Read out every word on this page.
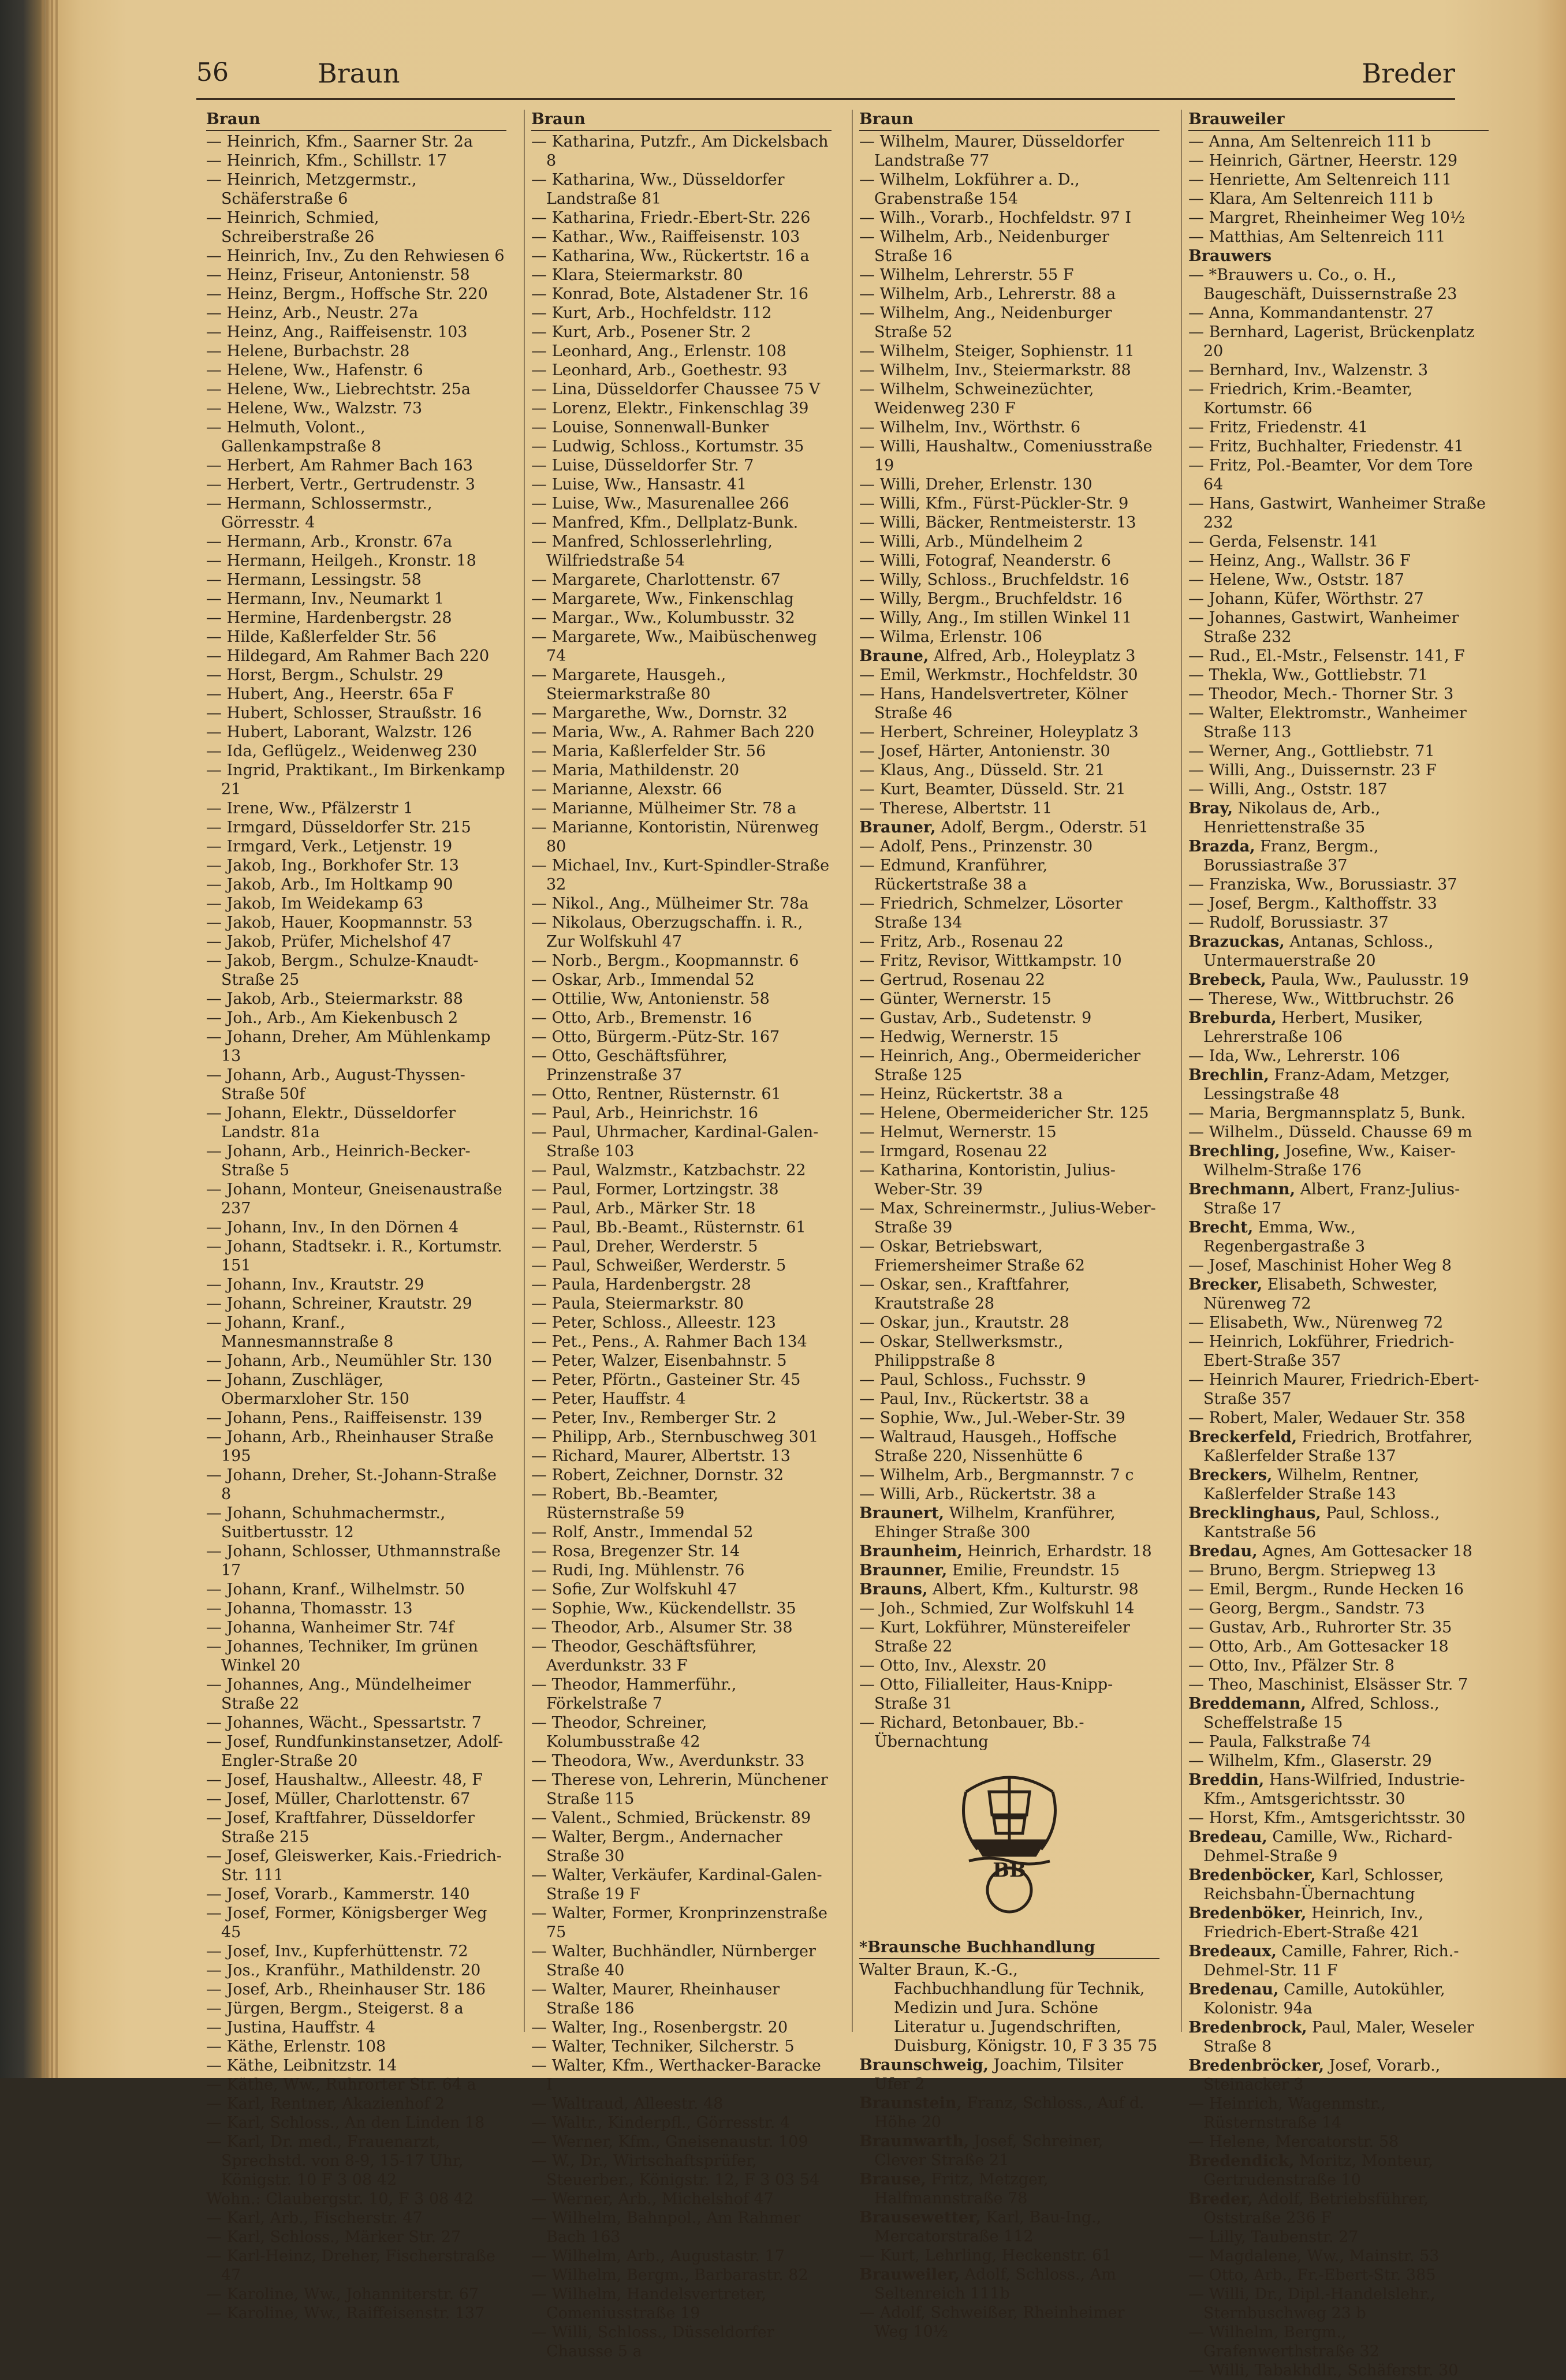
56	Braun	Breder

Braun

— Heinrich, Kfm., Saarner Str. 2a

— Heinrich, Kfm., Schillstr. 17

— Heinrich, Metzgermstr., Schäferstraße 6

— Heinrich, Schmied, Schreiberstraße 26

— Heinrich, Inv., Zu den Rehwiesen 6

— Heinz, Friseur, Antonienstr. 58

— Heinz, Bergm., Hoffsche Str. 220

— Heinz, Arb., Neustr. 27a

— Heinz, Ang., Raiffeisenstr. 103

— Helene, Burbachstr. 28

— Helene, Ww., Hafenstr. 6

— Helene, Ww., Liebrechtstr. 25a

— Helene, Ww., Walzstr. 73

— Helmuth, Volont., Gallenkampstraße 8

— Herbert, Am Rahmer Bach 163

— Herbert, Vertr., Gertrudenstr. 3

— Hermann, Schlossermstr., Görresstr. 4

— Hermann, Arb., Kronstr. 67a

— Hermann, Heilgeh., Kronstr. 18

— Hermann, Lessingstr. 58

— Hermann, Inv., Neumarkt 1

— Hermine, Hardenbergstr. 28

— Hilde, Kaßlerfelder Str. 56

— Hildegard, Am Rahmer Bach 220

— Horst, Bergm., Schulstr. 29

— Hubert, Ang., Heerstr. 65a F

— Hubert, Schlosser, Straußstr. 16

— Hubert, Laborant, Walzstr. 126

— Ida, Geflügelz., Weidenweg 230

— Ingrid, Praktikant., Im Birkenkamp 21

— Irene, Ww., Pfälzerstr 1

— Irmgard, Düsseldorfer Str. 215

— Irmgard, Verk., Letjenstr. 19

— Jakob, Ing., Borkhofer Str. 13

— Jakob, Arb., Im Holtkamp 90

— Jakob, Im Weidekamp 63

— Jakob, Hauer, Koopmannstr. 53

— Jakob, Prüfer, Michelshof 47

— Jakob, Bergm., Schulze-Knaudt-Straße 25

— Jakob, Arb., Steiermarkstr. 88

— Joh., Arb., Am Kiekenbusch 2

— Johann, Dreher, Am Mühlenkamp 13

— Johann, Arb., August-Thyssen-Straße 50f

— Johann, Elektr., Düsseldorfer Landstr. 81a

— Johann, Arb., Heinrich-Becker-Straße 5

— Johann, Monteur, Gneisenaustraße 237

— Johann, Inv., In den Dörnen 4

— Johann, Stadtsekr. i. R., Kortumstr. 151

— Johann, Inv., Krautstr. 29

— Johann, Schreiner, Krautstr. 29

— Johann, Kranf., Mannesmannstraße 8

— Johann, Arb., Neumühler Str. 130

— Johann, Zuschläger, Obermarxloher Str. 150

— Johann, Pens., Raiffeisenstr. 139

— Johann, Arb., Rheinhauser Straße 195

— Johann, Dreher, St.-Johann-Straße 8

— Johann, Schuhmachermstr., Suitbertusstr. 12

— Johann, Schlosser, Uthmannstraße 17

— Johann, Kranf., Wilhelmstr. 50

— Johanna, Thomasstr. 13

— Johanna, Wanheimer Str. 74f

— Johannes, Techniker, Im grünen Winkel 20

— Johannes, Ang., Mündelheimer Straße 22

— Johannes, Wächt., Spessartstr. 7

— Josef, Rundfunkinstansetzer, Adolf-Engler-Straße 20

— Josef, Haushaltw., Alleestr. 48, F

— Josef, Müller, Charlottenstr. 67

— Josef, Kraftfahrer, Düsseldorfer Straße 215

— Josef, Gleiswerker, Kais.-Friedrich-Str. 111

— Josef, Vorarb., Kammerstr. 140

— Josef, Former, Königsberger Weg 45

— Josef, Inv., Kupferhüttenstr. 72

— Jos., Kranführ., Mathildenstr. 20

— Josef, Arb., Rheinhauser Str. 186

— Jürgen, Bergm., Steigerst. 8 a

— Justina, Hauffstr. 4

— Käthe, Erlenstr. 108

— Käthe, Leibnitzstr. 14

— Käthe, Ww., Ruhrorter Str. 64 a

— Karl, Rentner, Akazienhof 2

— Karl, Schloss., An den Linden 18

— Karl, Dr. med., Frauenarzt, Sprechstd. von 8-9, 15-17 Uhr, Königstr. 10 F 3 08 42

Wohn.: Claubergstr. 10, F 3 08 42

— Karl, Arb., Fischerstr. 47

— Karl, Schloss., Märker Str. 27

— Karl-Heinz, Dreher, Fischerstraße 47

— Karoline, Ww., Johanniterstr. 67

— Karoline, Ww., Raiffeisenstr. 137

Braun

— Katharina, Putzfr., Am Dickelsbach 8

— Katharina, Ww., Düsseldorfer Landstraße 81

— Katharina, Friedr.-Ebert-Str. 226

— Kathar., Ww., Raiffeisenstr. 103

— Katharina, Ww., Rückertstr. 16 a

— Klara, Steiermarkstr. 80

— Konrad, Bote, Alstadener Str. 16

— Kurt, Arb., Hochfeldstr. 112

— Kurt, Arb., Posener Str. 2

— Leonhard, Ang., Erlenstr. 108

— Leonhard, Arb., Goethestr. 93

— Lina, Düsseldorfer Chaussee 75 V

— Lorenz, Elektr., Finkenschlag 39

— Louise, Sonnenwall-Bunker

— Ludwig, Schloss., Kortumstr. 35

— Luise, Düsseldorfer Str. 7

— Luise, Ww., Hansastr. 41

— Luise, Ww., Masurenallee 266

— Manfred, Kfm., Dellplatz-Bunk.

— Manfred, Schlosserlehrling, Wilfriedstraße 54

— Margarete, Charlottenstr. 67

— Margarete, Ww., Finkenschlag

— Margar., Ww., Kolumbusstr. 32

— Margarete, Ww., Maibüschenweg 74

— Margarete, Hausgeh., Steiermarkstraße 80

— Margarethe, Ww., Dornstr. 32

— Maria, Ww., A. Rahmer Bach 220

— Maria, Kaßlerfelder Str. 56

— Maria, Mathildenstr. 20

— Marianne, Alexstr. 66

— Marianne, Mülheimer Str. 78 a

— Marianne, Kontoristin, Nürenweg 80

— Michael, Inv., Kurt-Spindler-Straße 32

— Nikol., Ang., Mülheimer Str. 78a

— Nikolaus, Oberzugschaffn. i. R., Zur Wolfskuhl 47

— Norb., Bergm., Koopmannstr. 6

— Oskar, Arb., Immendal 52

— Ottilie, Ww, Antonienstr. 58

— Otto, Arb., Bremenstr. 16

— Otto, Bürgerm.-Pütz-Str. 167

— Otto, Geschäftsführer, Prinzenstraße 37

— Otto, Rentner, Rüsternstr. 61

— Paul, Arb., Heinrichstr. 16

— Paul, Uhrmacher, Kardinal-Galen-Straße 103

— Paul, Walzmstr., Katzbachstr. 22

— Paul, Former, Lortzingstr. 38

— Paul, Arb., Märker Str. 18

— Paul, Bb.-Beamt., Rüsternstr. 61

— Paul, Dreher, Werderstr. 5

— Paul, Schweißer, Werderstr. 5

— Paula, Hardenbergstr. 28

— Paula, Steiermarkstr. 80

— Peter, Schloss., Alleestr. 123

— Pet., Pens., A. Rahmer Bach 134

— Peter, Walzer, Eisenbahnstr. 5

— Peter, Pförtn., Gasteiner Str. 45

— Peter, Hauffstr. 4

— Peter, Inv., Remberger Str. 2

— Philipp, Arb., Sternbuschweg 301

— Richard, Maurer, Albertstr. 13

— Robert, Zeichner, Dornstr. 32

— Robert, Bb.-Beamter, Rüsternstraße 59

— Rolf, Anstr., Immendal 52

— Rosa, Bregenzer Str. 14

— Rudi, Ing. Mühlenstr. 76

— Sofie, Zur Wolfskuhl 47

— Sophie, Ww., Kückendellstr. 35

— Theodor, Arb., Alsumer Str. 38

— Theodor, Geschäftsführer, Averdunkstr. 33 F

— Theodor, Hammerführ., Förkelstraße 7

— Theodor, Schreiner, Kolumbusstraße 42

— Theodora, Ww., Averdunkstr. 33

— Therese von, Lehrerin, Münchener Straße 115

— Valent., Schmied, Brückenstr. 89

— Walter, Bergm., Andernacher Straße 30

— Walter, Verkäufer, Kardinal-Galen-Straße 19 F

— Walter, Former, Kronprinzenstraße 75

— Walter, Buchhändler, Nürnberger Straße 40

— Walter, Maurer, Rheinhauser Straße 186

— Walter, Ing., Rosenbergstr. 20

— Walter, Techniker, Silcherstr. 5

— Walter, Kfm., Werthacker-Baracke I

— Waltraud, Alleestr. 48

— Waltr., Kinderpfl., Görresstr. 4

— Werner, Kfm., Gneisenaustr. 109

— W., Dr., Wirtschaftsprüfer, Steuerber., Königstr. 12, F 3 03 54

— Werner, Arb., Michelshof 47

— Wilhelm, Bahnpol., Am Rahmer Bach 163

— Wilhelm, Arb., Augustastr. 17

— Wilhelm, Bergm., Barbarastr. 82

— Wilhelm, Handelsvertreter, Comeniusstraße 19

— Willi, Schloss., Düsseldorfer Chausse 5 a

Braun

— Wilhelm, Maurer, Düsseldorfer Landstraße 77

— Wilhelm, Lokführer a. D., Grabenstraße 154

— Wilh., Vorarb., Hochfeldstr. 97 I

— Wilhelm, Arb., Neidenburger Straße 16

— Wilhelm, Lehrerstr. 55 F

— Wilhelm, Arb., Lehrerstr. 88 a

— Wilhelm, Ang., Neidenburger Straße 52

— Wilhelm, Steiger, Sophienstr. 11

— Wilhelm, Inv., Steiermarkstr. 88

— Wilhelm, Schweinezüchter, Weidenweg 230 F

— Wilhelm, Inv., Wörthstr. 6

— Willi, Haushaltw., Comeniusstraße 19

— Willi, Dreher, Erlenstr. 130

— Willi, Kfm., Fürst-Pückler-Str. 9

— Willi, Bäcker, Rentmeisterstr. 13

— Willi, Arb., Mündelheim 2

— Willi, Fotograf, Neanderstr. 6

— Willy, Schloss., Bruchfeldstr. 16

— Willy, Bergm., Bruchfeldstr. 16

— Willy, Ang., Im stillen Winkel 11

— Wilma, Erlenstr. 106

Braune, Alfred, Arb., Holeyplatz 3

— Emil, Werkmstr., Hochfeldstr. 30

— Hans, Handelsvertreter, Kölner Straße 46

— Herbert, Schreiner, Holeyplatz 3

— Josef, Härter, Antonienstr. 30

— Klaus, Ang., Düsseld. Str. 21

— Kurt, Beamter, Düsseld. Str. 21

— Therese, Albertstr. 11

Brauner, Adolf, Bergm., Oderstr. 51

— Adolf, Pens., Prinzenstr. 30

— Edmund, Kranführer, Rückertstraße 38 a

— Friedrich, Schmelzer, Lösorter Straße 134

— Fritz, Arb., Rosenau 22

— Fritz, Revisor, Wittkampstr. 10

— Gertrud, Rosenau 22

— Günter, Wernerstr. 15

— Gustav, Arb., Sudetenstr. 9

— Hedwig, Wernerstr. 15

— Heinrich, Ang., Obermeidericher Straße 125

— Heinz, Rückertstr. 38 a

— Helene, Obermeidericher Str. 125

— Helmut, Wernerstr. 15

— Irmgard, Rosenau 22

— Katharina, Kontoristin, Julius-Weber-Str. 39

— Max, Schreinermstr., Julius-Weber-Straße 39

— Oskar, Betriebswart, Friemersheimer Straße 62

— Oskar, sen., Kraftfahrer, Krautstraße 28

— Oskar, jun., Krautstr. 28

— Oskar, Stellwerksmstr., Philippstraße 8

— Paul, Schloss., Fuchsstr. 9

— Paul, Inv., Rückertstr. 38 a

— Sophie, Ww., Jul.-Weber-Str. 39

— Waltraud, Hausgeh., Hoffsche Straße 220, Nissenhütte 6

— Wilhelm, Arb., Bergmannstr. 7 c

— Willi, Arb., Rückertstr. 38 a

Braunert, Wilhelm, Kranführer, Ehinger Straße 300

Braunheim, Heinrich, Erhardstr. 18

Braunner, Emilie, Freundstr. 15

Brauns, Albert, Kfm., Kulturstr. 98

— Joh., Schmied, Zur Wolfskuhl 14

— Kurt, Lokführer, Münstereifeler Straße 22

— Otto, Inv., Alexstr. 20

— Otto, Filialleiter, Haus-Knipp-Straße 31

— Richard, Betonbauer, Bb.-Übernachtung

BB

*Braunsche Buchhandlung

Walter Braun, K.-G., Fachbuchhandlung für Technik, Medizin und Jura. Schöne Literatur u. Jugendschriften, Duisburg, Königstr. 10, F 3 35 75

Braunschweig, Joachim, Tilsiter Ufer 2

Braunstein, Franz, Schloss., Auf d. Höhe 20

Braunwarth, Josef, Schreiner, Clever Straße 21

Brause, Fritz, Metzger, Halfmannstraße 78

Brausewetter, Karl, Bau-Ing., Mercatorstraße 112

— Kurt, Lehrling, Heckenstr. 61

Brauweiler, Adolf, Schloss., Am Seltenreich 111b

— Adolf, Schweißer, Rheinheimer Weg 10½

Brauweiler

— Anna, Am Seltenreich 111 b

— Heinrich, Gärtner, Heerstr. 129

— Henriette, Am Seltenreich 111

— Klara, Am Seltenreich 111 b

— Margret, Rheinheimer Weg 10½

— Matthias, Am Seltenreich 111

Brauwers

— *Brauwers u. Co., o. H., Baugeschäft, Duissernstraße 23

— Anna, Kommandantenstr. 27

— Bernhard, Lagerist, Brückenplatz 20

— Bernhard, Inv., Walzenstr. 3

— Friedrich, Krim.-Beamter, Kortumstr. 66

— Fritz, Friedenstr. 41

— Fritz, Buchhalter, Friedenstr. 41

— Fritz, Pol.-Beamter, Vor dem Tore 64

— Hans, Gastwirt, Wanheimer Straße 232

— Gerda, Felsenstr. 141

— Heinz, Ang., Wallstr. 36 F

— Helene, Ww., Oststr. 187

— Johann, Küfer, Wörthstr. 27

— Johannes, Gastwirt, Wanheimer Straße 232

— Rud., El.-Mstr., Felsenstr. 141, F

— Thekla, Ww., Gottliebstr. 71

— Theodor, Mech.- Thorner Str. 3

— Walter, Elektromstr., Wanheimer Straße 113

— Werner, Ang., Gottliebstr. 71

— Willi, Ang., Duissernstr. 23 F

— Willi, Ang., Oststr. 187

Bray, Nikolaus de, Arb., Henriettenstraße 35

Brazda, Franz, Bergm., Borussiastraße 37

— Franziska, Ww., Borussiastr. 37

— Josef, Bergm., Kalthoffstr. 33

— Rudolf, Borussiastr. 37

Brazuckas, Antanas, Schloss., Untermauerstraße 20

Brebeck, Paula, Ww., Paulusstr. 19

— Therese, Ww., Wittbruchstr. 26

Breburda, Herbert, Musiker, Lehrerstraße 106

— Ida, Ww., Lehrerstr. 106

Brechlin, Franz-Adam, Metzger, Lessingstraße 48

— Maria, Bergmannsplatz 5, Bunk.

— Wilhelm., Düsseld. Chausse 69 m

Brechling, Josefine, Ww., Kaiser-Wilhelm-Straße 176

Brechmann, Albert, Franz-Julius-Straße 17

Brecht, Emma, Ww., Regenbergastraße 3

— Josef, Maschinist Hoher Weg 8

Brecker, Elisabeth, Schwester, Nürenweg 72

— Elisabeth, Ww., Nürenweg 72

— Heinrich, Lokführer, Friedrich-Ebert-Straße 357

— Heinrich Maurer, Friedrich-Ebert-Straße 357

— Robert, Maler, Wedauer Str. 358

Breckerfeld, Friedrich, Brotfahrer, Kaßlerfelder Straße 137

Breckers, Wilhelm, Rentner, Kaßlerfelder Straße 143

Brecklinghaus, Paul, Schloss., Kantstraße 56

Bredau, Agnes, Am Gottesacker 18

— Bruno, Bergm. Striepweg 13

— Emil, Bergm., Runde Hecken 16

— Georg, Bergm., Sandstr. 73

— Gustav, Arb., Ruhrorter Str. 35

— Otto, Arb., Am Gottesacker 18

— Otto, Inv., Pfälzer Str. 8

— Theo, Maschinist, Elsässer Str. 7

Breddemann, Alfred, Schloss., Scheffelstraße 15

— Paula, Falkstraße 74

— Wilhelm, Kfm., Glaserstr. 29

Breddin, Hans-Wilfried, Industrie-Kfm., Amtsgerichtsstr. 30

— Horst, Kfm., Amtsgerichtsstr. 30

Bredeau, Camille, Ww., Richard-Dehmel-Straße 9

Bredenböcker, Karl, Schlosser, Reichsbahn-Übernachtung

Bredenböker, Heinrich, Inv., Friedrich-Ebert-Straße 421

Bredeaux, Camille, Fahrer, Rich.-Dehmel-Str. 11 F

Bredenau, Camille, Autokühler, Kolonistr. 94a

Bredenbrock, Paul, Maler, Weseler Straße 8

Bredenbröcker, Josef, Vorarb., Steinacker 3

— Heinrich, Wagenmstr., Rüsternstraße 14

— Helene, Mercatorstr. 58

Bredendick, Moritz, Monteur, Gertrudenstraße 10

Breder, Adolf, Betriebsführer, Oststraße 236 F

— Lilly, Taubenstr. 27

— Magdalene, Ww., Mainstr. 53

— Otto, Arb., Fr.-Ebert-Str. 385

— Willi, Dr., Dipl.-Handelslehr., Sternbuschweg 23 b

— Wilhelm, Bergm., Grafenwerthstraße 32

— Willi, Tabakhdlr., Schäferstr. 30
